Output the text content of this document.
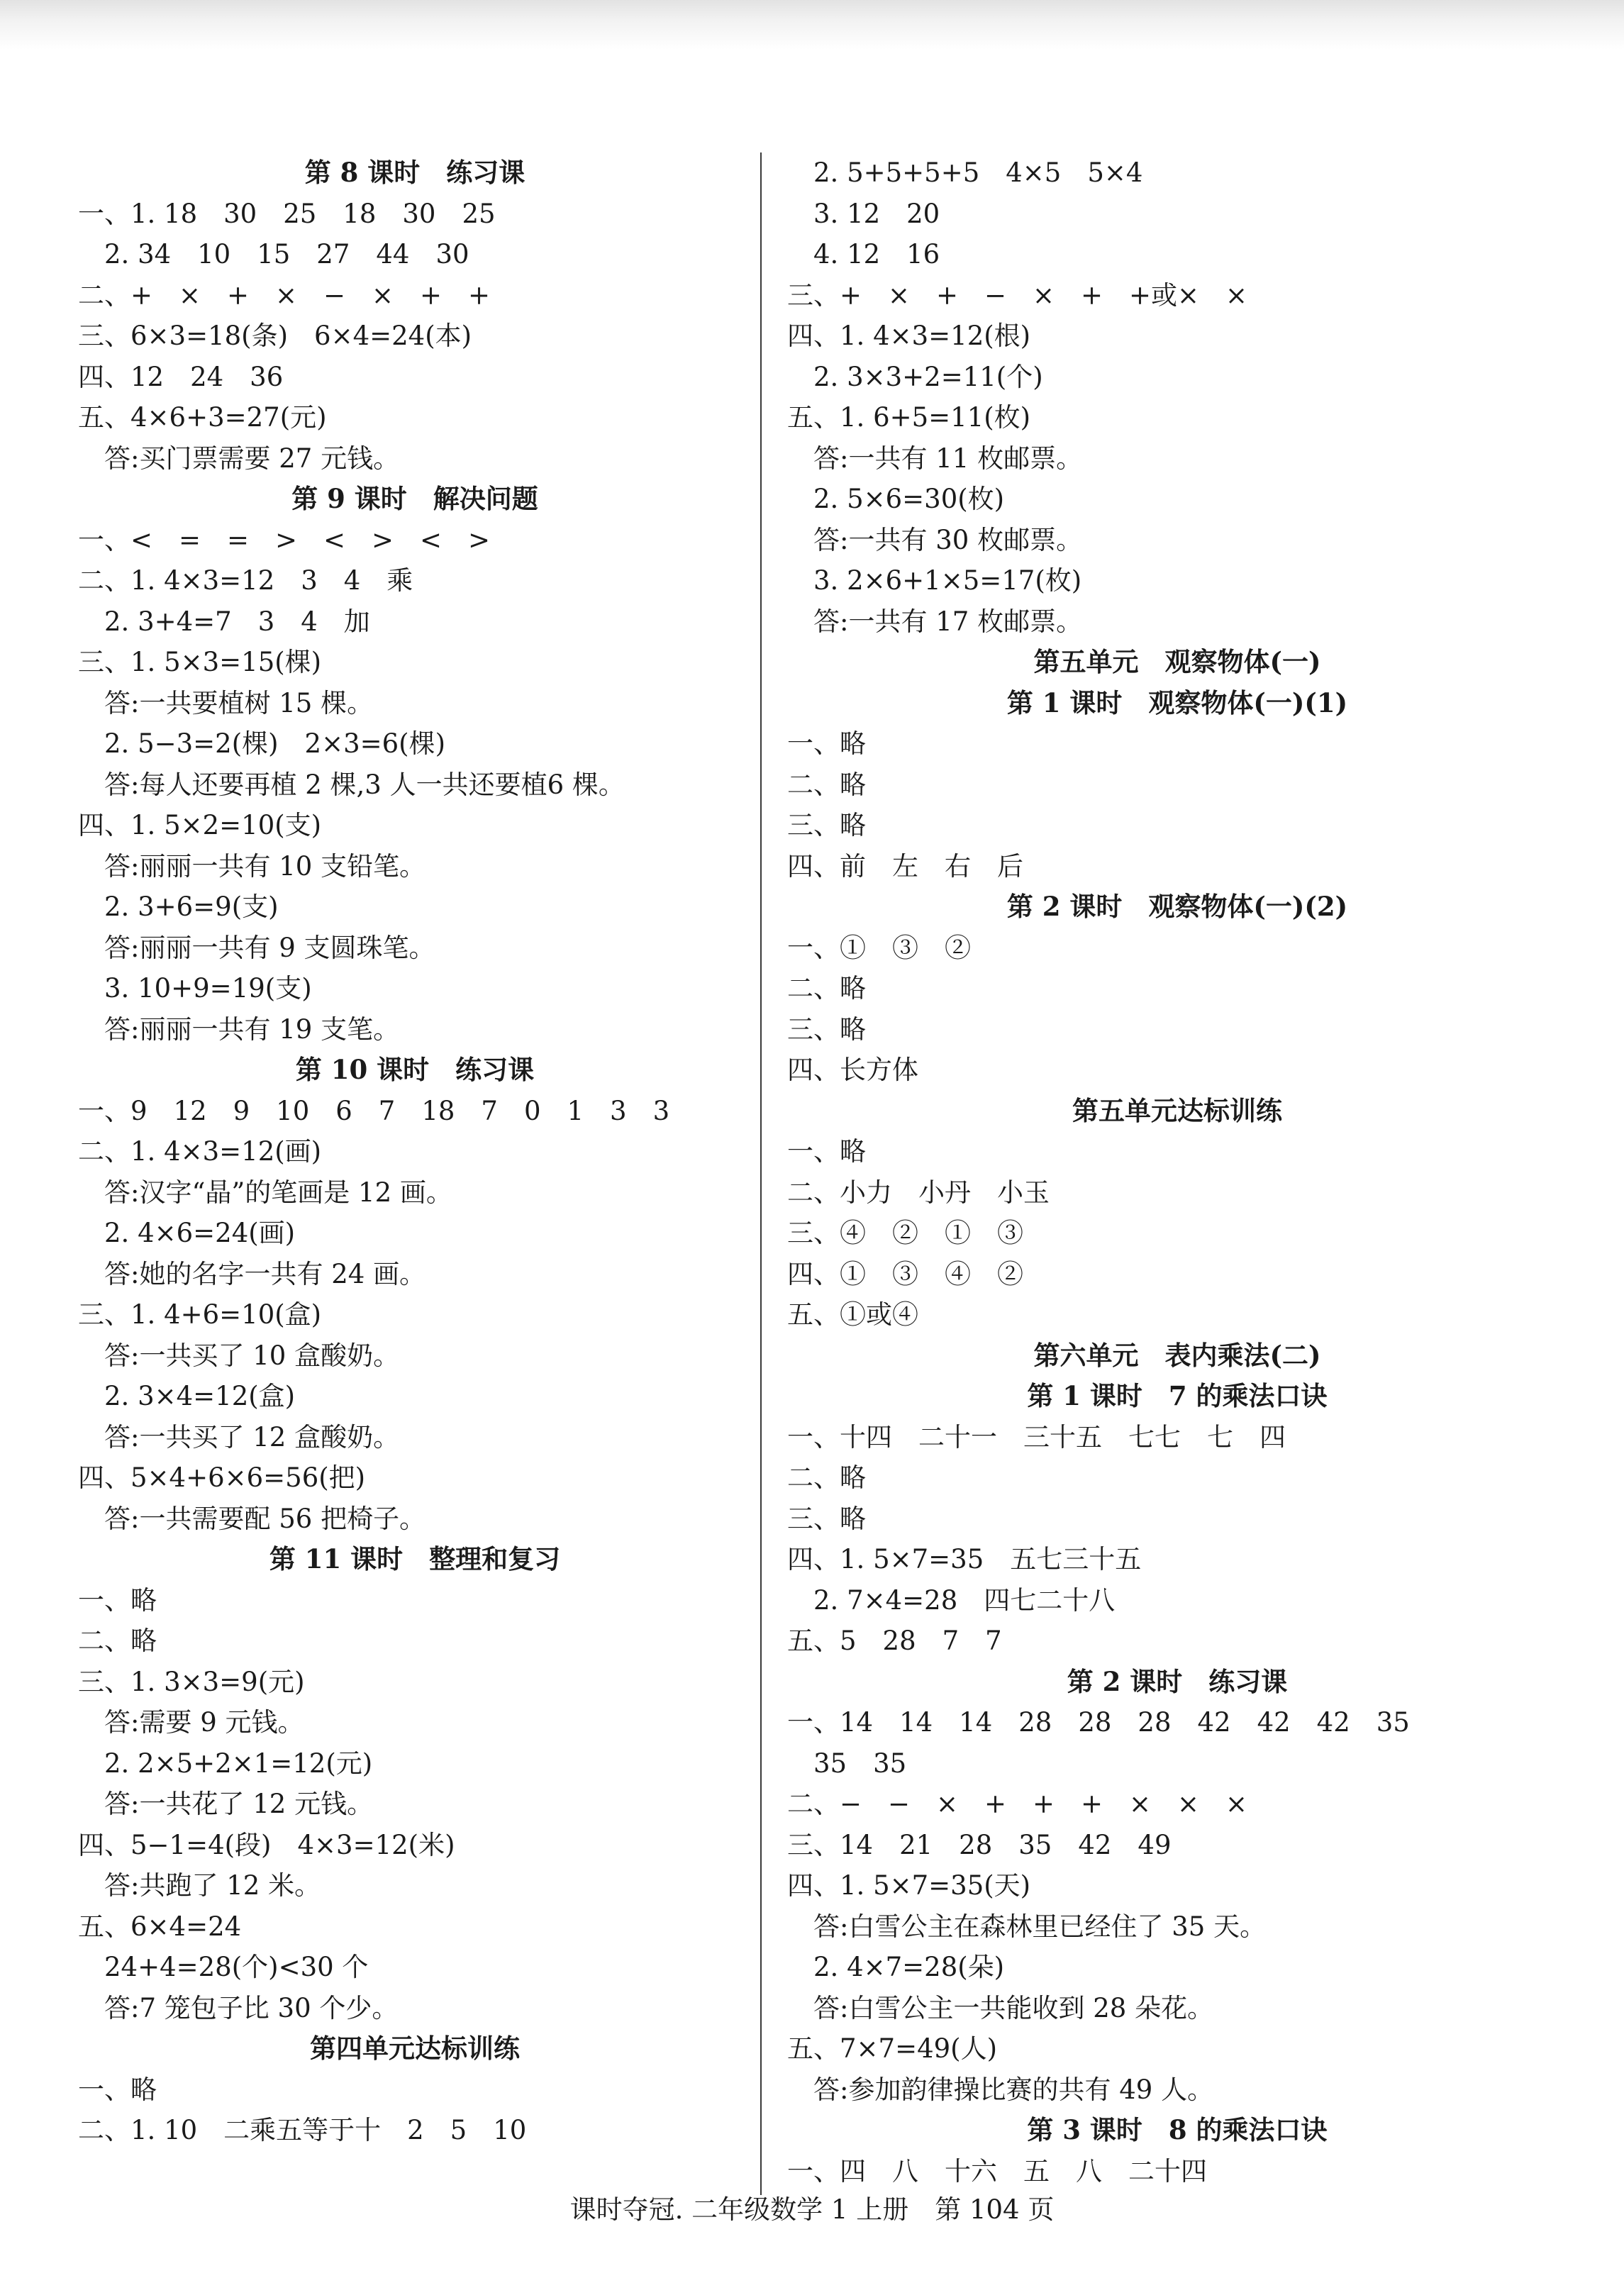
第 8 课时　练习课
一、1. 18　30　25　18　30　25
　2. 34　10　15　27　44　30
二、+　×　+　×　−　×　+　+
三、6×3=18(条)　6×4=24(本)
四、12　24　36
五、4×6+3=27(元)
　答:买门票需要 27 元钱。
第 9 课时　解决问题
一、<　=　=　>　<　>　<　>
二、1. 4×3=12　3　4　乘
　2. 3+4=7　3　4　加
三、1. 5×3=15(棵)
　答:一共要植树 15 棵。
　2. 5−3=2(棵)　2×3=6(棵)
　答:每人还要再植 2 棵,3 人一共还要植6 棵。
四、1. 5×2=10(支)
　答:丽丽一共有 10 支铅笔。
　2. 3+6=9(支)
　答:丽丽一共有 9 支圆珠笔。
　3. 10+9=19(支)
　答:丽丽一共有 19 支笔。
第 10 课时　练习课
一、9　12　9　10　6　7　18　7　0　1　3　3
二、1. 4×3=12(画)
　答:汉字“晶”的笔画是 12 画。
　2. 4×6=24(画)
　答:她的名字一共有 24 画。
三、1. 4+6=10(盒)
　答:一共买了 10 盒酸奶。
　2. 3×4=12(盒)
　答:一共买了 12 盒酸奶。
四、5×4+6×6=56(把)
　答:一共需要配 56 把椅子。
第 11 课时　整理和复习
一、略
二、略
三、1. 3×3=9(元)
　答:需要 9 元钱。
　2. 2×5+2×1=12(元)
　答:一共花了 12 元钱。
四、5−1=4(段)　4×3=12(米)
　答:共跑了 12 米。
五、6×4=24
　24+4=28(个)<30 个
　答:7 笼包子比 30 个少。
第四单元达标训练
一、略
二、1. 10　二乘五等于十　2　5　10
　2. 5+5+5+5　4×5　5×4
　3. 12　20
　4. 12　16
三、+　×　+　−　×　+　+或×　×
四、1. 4×3=12(根)
　2. 3×3+2=11(个)
五、1. 6+5=11(枚)
　答:一共有 11 枚邮票。
　2. 5×6=30(枚)
　答:一共有 30 枚邮票。
　3. 2×6+1×5=17(枚)
　答:一共有 17 枚邮票。
第五单元　观察物体(一)
第 1 课时　观察物体(一)(1)
一、略
二、略
三、略
四、前　左　右　后
第 2 课时　观察物体(一)(2)
一、①　③　②
二、略
三、略
四、长方体
第五单元达标训练
一、略
二、小力　小丹　小玉
三、④　②　①　③
四、①　③　④　②
五、①或④
第六单元　表内乘法(二)
第 1 课时　7 的乘法口诀
一、十四　二十一　三十五　七七　七　四
二、略
三、略
四、1. 5×7=35　五七三十五
　2. 7×4=28　四七二十八
五、5　28　7　7
第 2 课时　练习课
一、14　14　14　28　28　28　42　42　42　35
　35　35
二、−　−　×　+　+　+　×　×　×
三、14　21　28　35　42　49
四、1. 5×7=35(天)
　答:白雪公主在森林里已经住了 35 天。
　2. 4×7=28(朵)
　答:白雪公主一共能收到 28 朵花。
五、7×7=49(人)
　答:参加韵律操比赛的共有 49 人。
第 3 课时　8 的乘法口诀
一、四　八　十六　五　八　二十四
课时夺冠. 二年级数学 1 上册　第 104 页
